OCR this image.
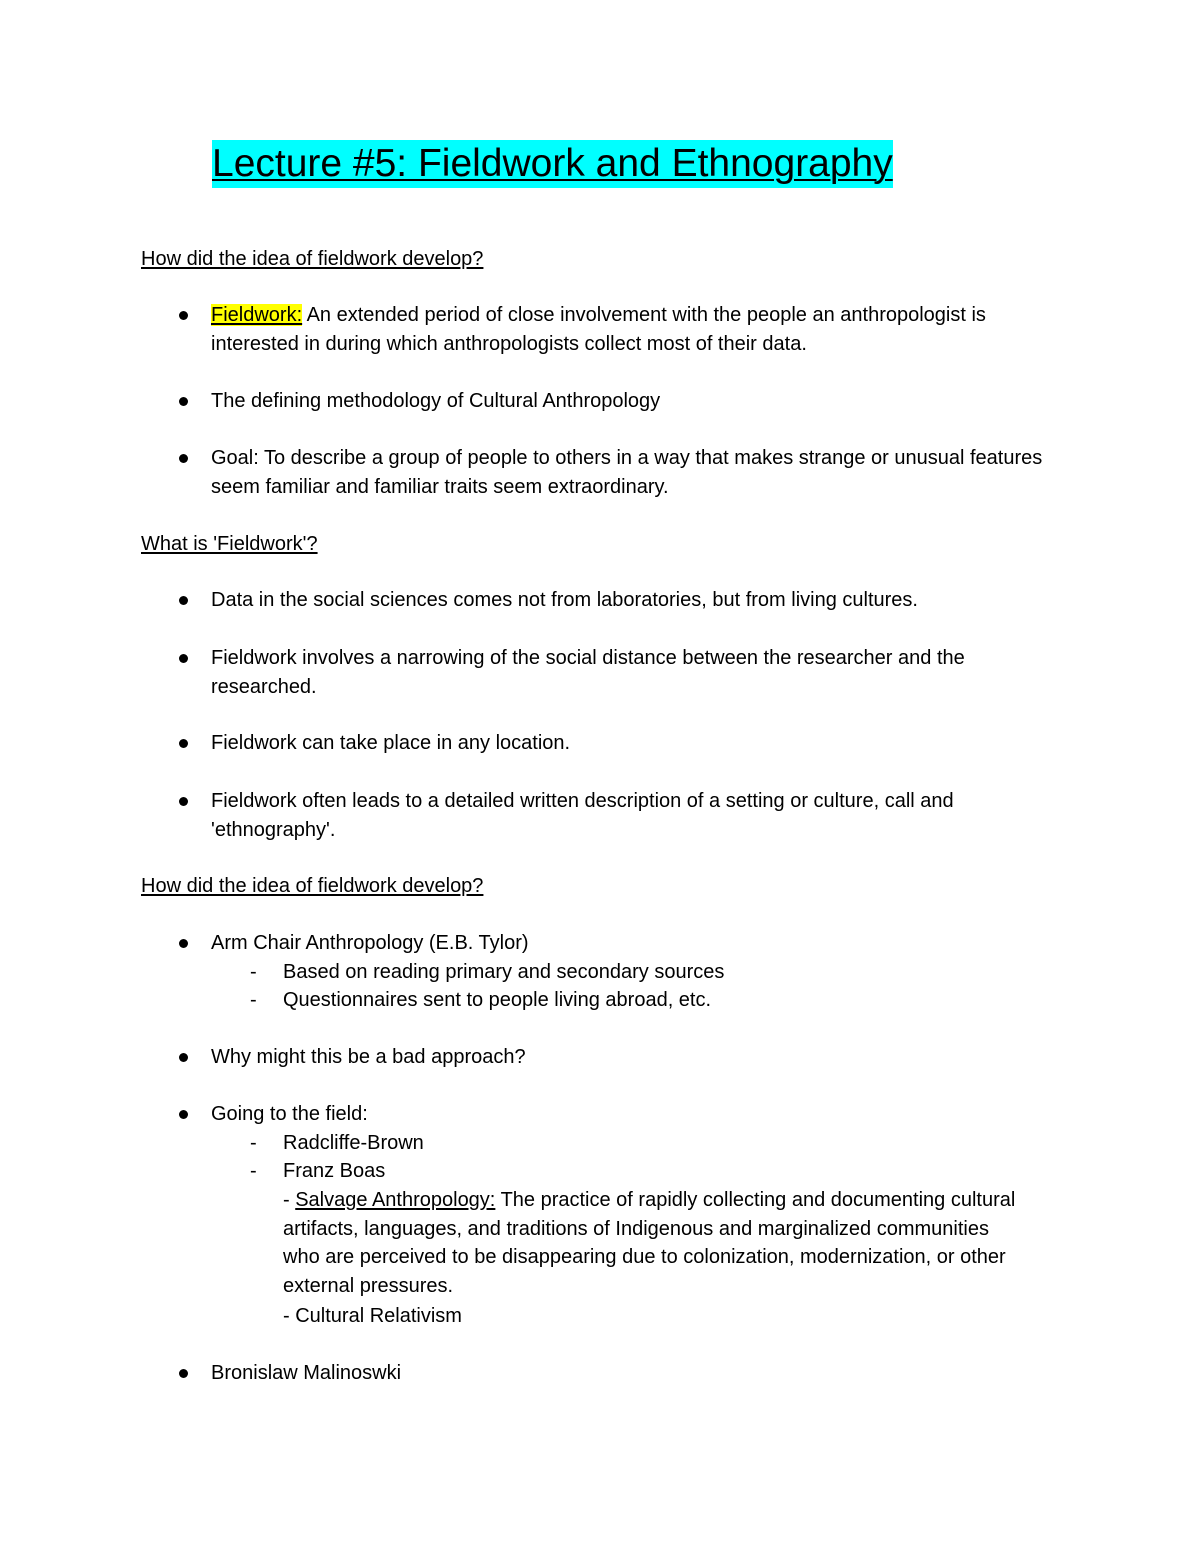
Lecture #5: Fieldwork and Ethnography
How did the idea of fieldwork develop?
Fieldwork: An extended period of close involvement with the people an anthropologist is interested in during which anthropologists collect most of their data.
The defining methodology of Cultural Anthropology
Goal: To describe a group of people to others in a way that makes strange or unusual features seem familiar and familiar traits seem extraordinary.
What is 'Fieldwork'?
Data in the social sciences comes not from laboratories, but from living cultures.
Fieldwork involves a narrowing of the social distance between the researcher and the researched.
Fieldwork can take place in any location.
Fieldwork often leads to a detailed written description of a setting or culture, call and 'ethnography'.
How did the idea of fieldwork develop?
Arm Chair Anthropology (E.B. Tylor)
- Based on reading primary and secondary sources
- Questionnaires sent to people living abroad, etc.
Why might this be a bad approach?
Going to the field:
- Radcliffe-Brown
- Franz Boas
- Salvage Anthropology: The practice of rapidly collecting and documenting cultural artifacts, languages, and traditions of Indigenous and marginalized communities who are perceived to be disappearing due to colonization, modernization, or other external pressures.
- Cultural Relativism
Bronislaw Malinoswki
